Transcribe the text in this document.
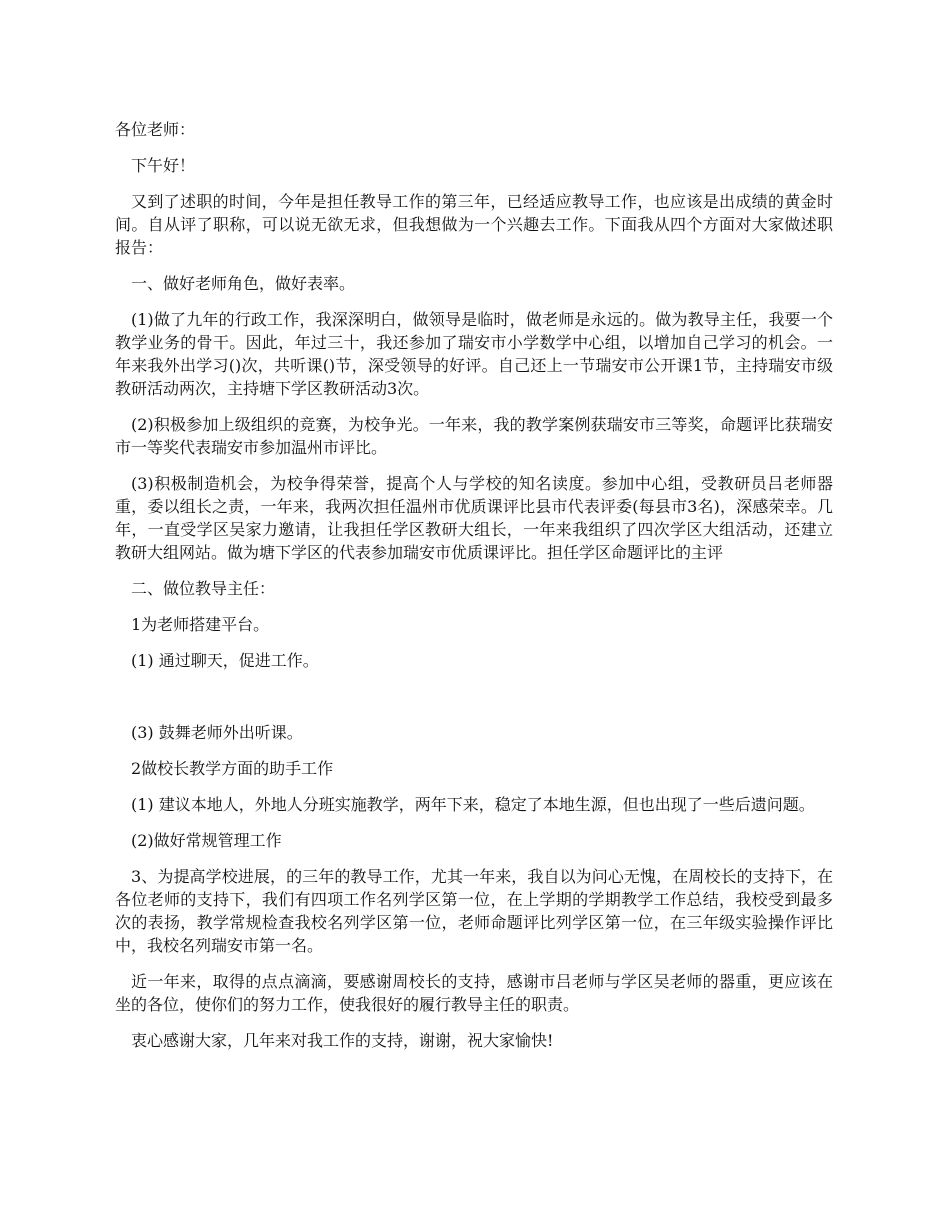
各位老师：

下午好！

又到了述职的时间，今年是担任教导工作的第三年，已经适应教导工作，也应该是出成绩的黄金时间。自从评了职称，可以说无欲无求，但我想做为一个兴趣去工作。下面我从四个方面对大家做述职报告：

一、做好老师角色，做好表率。

(1)做了九年的行政工作，我深深明白，做领导是临时，做老师是永远的。做为教导主任，我要一个教学业务的骨干。因此，年过三十，我还参加了瑞安市小学数学中心组，以增加自己学习的机会。一年来我外出学习()次，共听课()节，深受领导的好评。自己还上一节瑞安市公开课1节，主持瑞安市级教研活动两次，主持塘下学区教研活动3次。

(2)积极参加上级组织的竞赛，为校争光。一年来，我的教学案例获瑞安市三等奖，命题评比获瑞安市一等奖代表瑞安市参加温州市评比。

(3)积极制造机会，为校争得荣誉，提高个人与学校的知名读度。参加中心组，受教研员吕老师器重，委以组长之责，一年来，我两次担任温州市优质课评比县市代表评委(每县市3名)，深感荣幸。几年，一直受学区吴家力邀请，让我担任学区教研大组长，一年来我组织了四次学区大组活动，还建立教研大组网站。做为塘下学区的代表参加瑞安市优质课评比。担任学区命题评比的主评

二、做位教导主任：

1为老师搭建平台。

(1) 通过聊天，促进工作。

(3) 鼓舞老师外出听课。

2做校长教学方面的助手工作

(1) 建议本地人，外地人分班实施教学，两年下来，稳定了本地生源，但也出现了一些后遗问题。

(2)做好常规管理工作

3、为提高学校进展，的三年的教导工作，尤其一年来，我自以为问心无愧，在周校长的支持下，在各位老师的支持下，我们有四项工作名列学区第一位，在上学期的学期教学工作总结，我校受到最多次的表扬，教学常规检查我校名列学区第一位，老师命题评比列学区第一位，在三年级实验操作评比中，我校名列瑞安市第一名。

近一年来，取得的点点滴滴，要感谢周校长的支持，感谢市吕老师与学区吴老师的器重，更应该在坐的各位，使你们的努力工作，使我很好的履行教导主任的职责。

衷心感谢大家，几年来对我工作的支持，谢谢，祝大家愉快!
